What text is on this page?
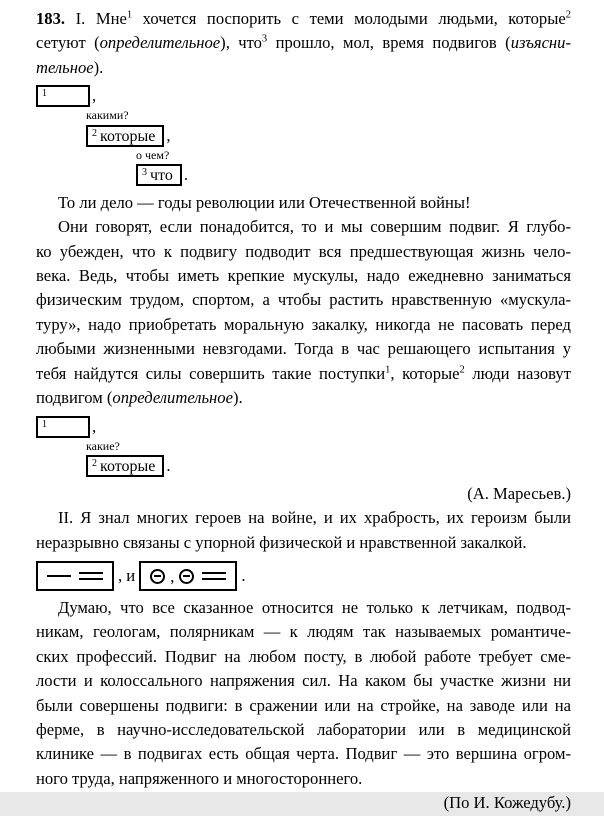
183. I. Мне$^1$ хочется поспорить с теми молодыми людьми, которые$^2$
сетуют (определительное), что$^3$ прошло, мол, время подвигов (изъясни-
тельное).
1	,
какими?
2 которые ,
о чем?
3 что .
То ли дело — годы революции или Отечественной войны!
Они говорят, если понадобится, то и мы совершим подвиг. Я глубо-
ко убежден, что к подвигу подводит вся предшествующая жизнь чело-
века. Ведь, чтобы иметь крепкие мускулы, надо ежедневно заниматься
физическим трудом, спортом, а чтобы растить нравственную «мускула-
туру», надо приобретать моральную закалку, никогда не пасовать перед
любыми жизненными невзгодами. Тогда в час решающего испытания у
тебя найдутся силы совершить такие поступки$^1$, которые$^2$ люди назовут
подвигом (определительное).
1	,
какие?
2 которые .
(А. Маресьев.)
II. Я знал многих героев на войне, и их храбрость, их героизм были
неразрывно связаны с упорной физической и нравственной закалкой.
, и ,	.
Думаю, что все сказанное относится не только к летчикам, подвод-
никам, геологам, полярникам — к людям так называемых романтиче-
ских профессий. Подвиг на любом посту, в любой работе требует сме-
лости и колоссального напряжения сил. На каком бы участке жизни ни
были совершены подвиги: в сражении или на стройке, на заводе или на
ферме, в научно-исследовательской лаборатории или в медицинской
клинике — в подвигах есть общая черта. Подвиг — это вершина огром-
ного труда, напряженного и многостороннего.
(По И. Кожедубу.)
